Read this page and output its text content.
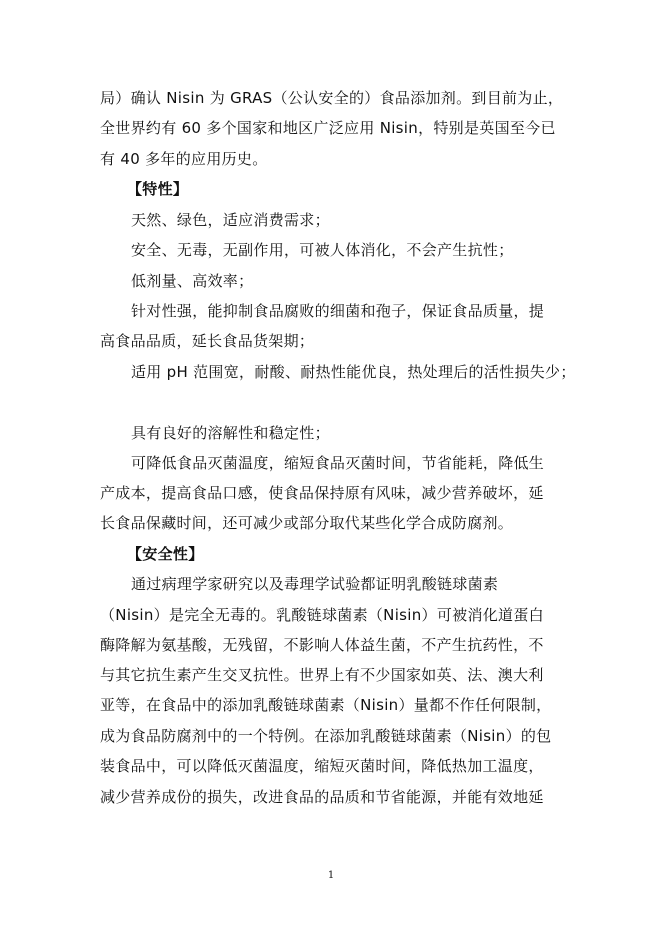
局）确认 Nisin 为 GRAS（公认安全的）食品添加剂。到目前为止，
全世界约有 60 多个国家和地区广泛应用 Nisin，特别是英国至今已
有 40 多年的应用历史。
【特性】
天然、绿色，适应消费需求；
安全、无毒，无副作用，可被人体消化，不会产生抗性；
低剂量、高效率；
针对性强，能抑制食品腐败的细菌和孢子，保证食品质量，提
高食品品质，延长食品货架期；
适用 pH 范围宽，耐酸、耐热性能优良，热处理后的活性损失少；
具有良好的溶解性和稳定性；
可降低食品灭菌温度，缩短食品灭菌时间，节省能耗，降低生
产成本，提高食品口感，使食品保持原有风味，减少营养破坏，延
长食品保藏时间，还可减少或部分取代某些化学合成防腐剂。
【安全性】
通过病理学家研究以及毒理学试验都证明乳酸链球菌素
（Nisin）是完全无毒的。乳酸链球菌素（Nisin）可被消化道蛋白
酶降解为氨基酸，无残留，不影响人体益生菌，不产生抗药性，不
与其它抗生素产生交叉抗性。世界上有不少国家如英、法、澳大利
亚等，在食品中的添加乳酸链球菌素（Nisin）量都不作任何限制，
成为食品防腐剂中的一个特例。在添加乳酸链球菌素（Nisin）的包
装食品中，可以降低灭菌温度，缩短灭菌时间，降低热加工温度，
减少营养成份的损失，改进食品的品质和节省能源，并能有效地延
1
